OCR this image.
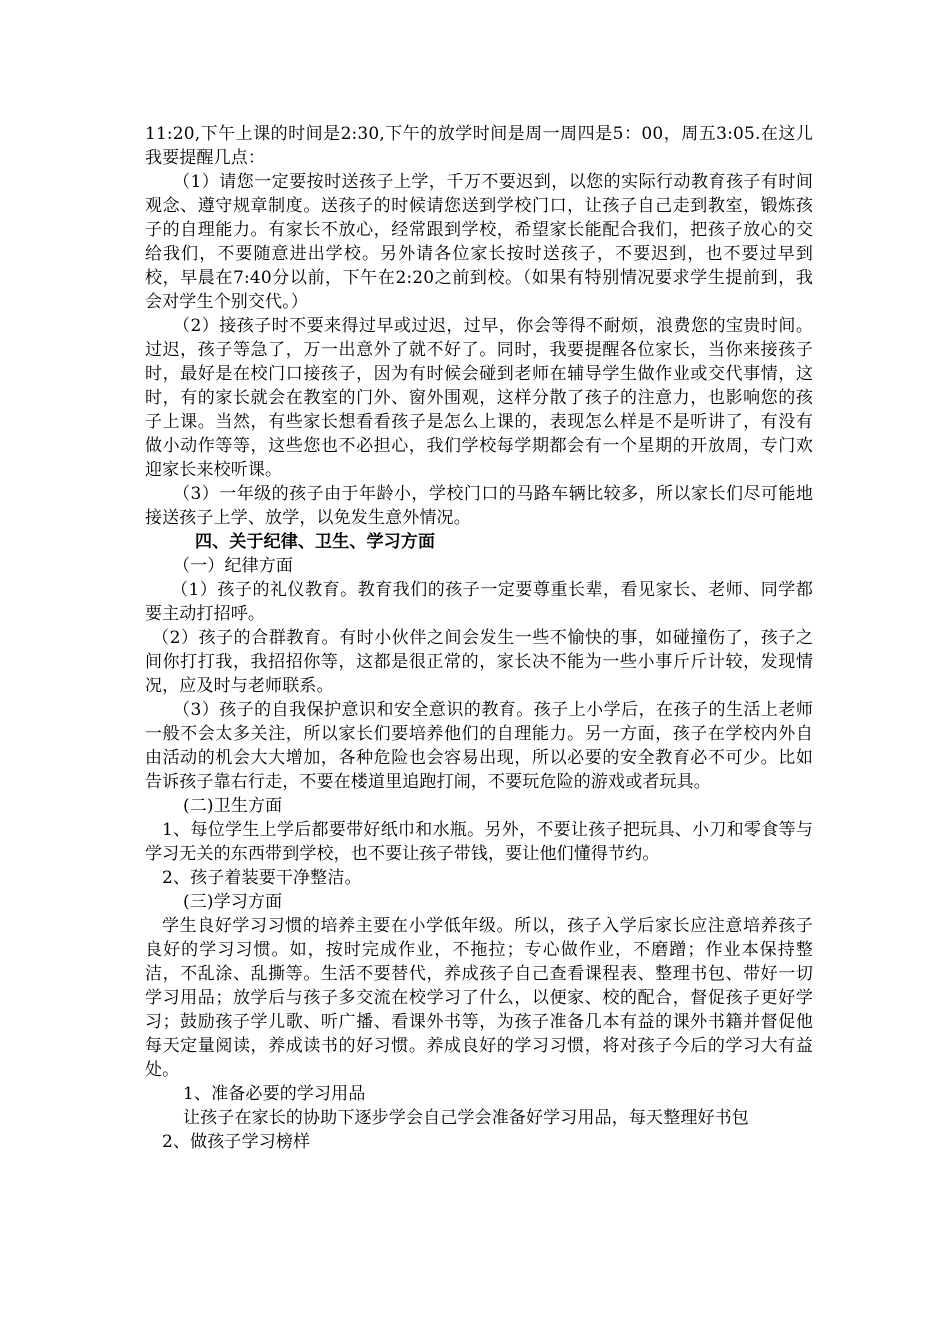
11:20,下午上课的时间是2:30,下午的放学时间是周一周四是5：00，周五3:05.在这儿我要提醒几点：

（1）请您一定要按时送孩子上学，千万不要迟到，以您的实际行动教育孩子有时间观念、遵守规章制度。送孩子的时候请您送到学校门口，让孩子自己走到教室，锻炼孩子的自理能力。有家长不放心，经常跟到学校，希望家长能配合我们，把孩子放心的交给我们，不要随意进出学校。另外请各位家长按时送孩子，不要迟到，也不要过早到校，早晨在7:40分以前，下午在2:20之前到校。（如果有特别情况要求学生提前到，我会对学生个别交代。）

（2）接孩子时不要来得过早或过迟，过早，你会等得不耐烦，浪费您的宝贵时间。过迟，孩子等急了，万一出意外了就不好了。同时，我要提醒各位家长，当你来接孩子时，最好是在校门口接孩子，因为有时候会碰到老师在辅导学生做作业或交代事情，这时，有的家长就会在教室的门外、窗外围观，这样分散了孩子的注意力，也影响您的孩子上课。当然，有些家长想看看孩子是怎么上课的，表现怎么样是不是听讲了，有没有做小动作等等，这些您也不必担心，我们学校每学期都会有一个星期的开放周，专门欢迎家长来校听课。

（3）一年级的孩子由于年龄小，学校门口的马路车辆比较多，所以家长们尽可能地接送孩子上学、放学，以免发生意外情况。

四、关于纪律、卫生、学习方面

（一）纪律方面

（1）孩子的礼仪教育。教育我们的孩子一定要尊重长辈，看见家长、老师、同学都要主动打招呼。

（2）孩子的合群教育。有时小伙伴之间会发生一些不愉快的事，如碰撞伤了，孩子之间你打打我，我招招你等，这都是很正常的，家长决不能为一些小事斤斤计较，发现情况，应及时与老师联系。

（3）孩子的自我保护意识和安全意识的教育。孩子上小学后，在孩子的生活上老师一般不会太多关注，所以家长们要培养他们的自理能力。另一方面，孩子在学校内外自由活动的机会大大增加，各种危险也会容易出现，所以必要的安全教育必不可少。比如告诉孩子靠右行走，不要在楼道里追跑打闹，不要玩危险的游戏或者玩具。

(二)卫生方面

1、每位学生上学后都要带好纸巾和水瓶。另外，不要让孩子把玩具、小刀和零食等与学习无关的东西带到学校，也不要让孩子带钱，要让他们懂得节约。

2、孩子着装要干净整洁。

(三)学习方面

学生良好学习习惯的培养主要在小学低年级。所以，孩子入学后家长应注意培养孩子良好的学习习惯。如，按时完成作业，不拖拉；专心做作业，不磨蹭；作业本保持整洁，不乱涂、乱撕等。生活不要替代，养成孩子自己查看课程表、整理书包、带好一切学习用品；放学后与孩子多交流在校学习了什么，以便家、校的配合，督促孩子更好学习；鼓励孩子学儿歌、听广播、看课外书等，为孩子准备几本有益的课外书籍并督促他每天定量阅读，养成读书的好习惯。养成良好的学习习惯，将对孩子今后的学习大有益处。

1、准备必要的学习用品

让孩子在家长的协助下逐步学会自己学会准备好学习用品，每天整理好书包

2、做孩子学习榜样
